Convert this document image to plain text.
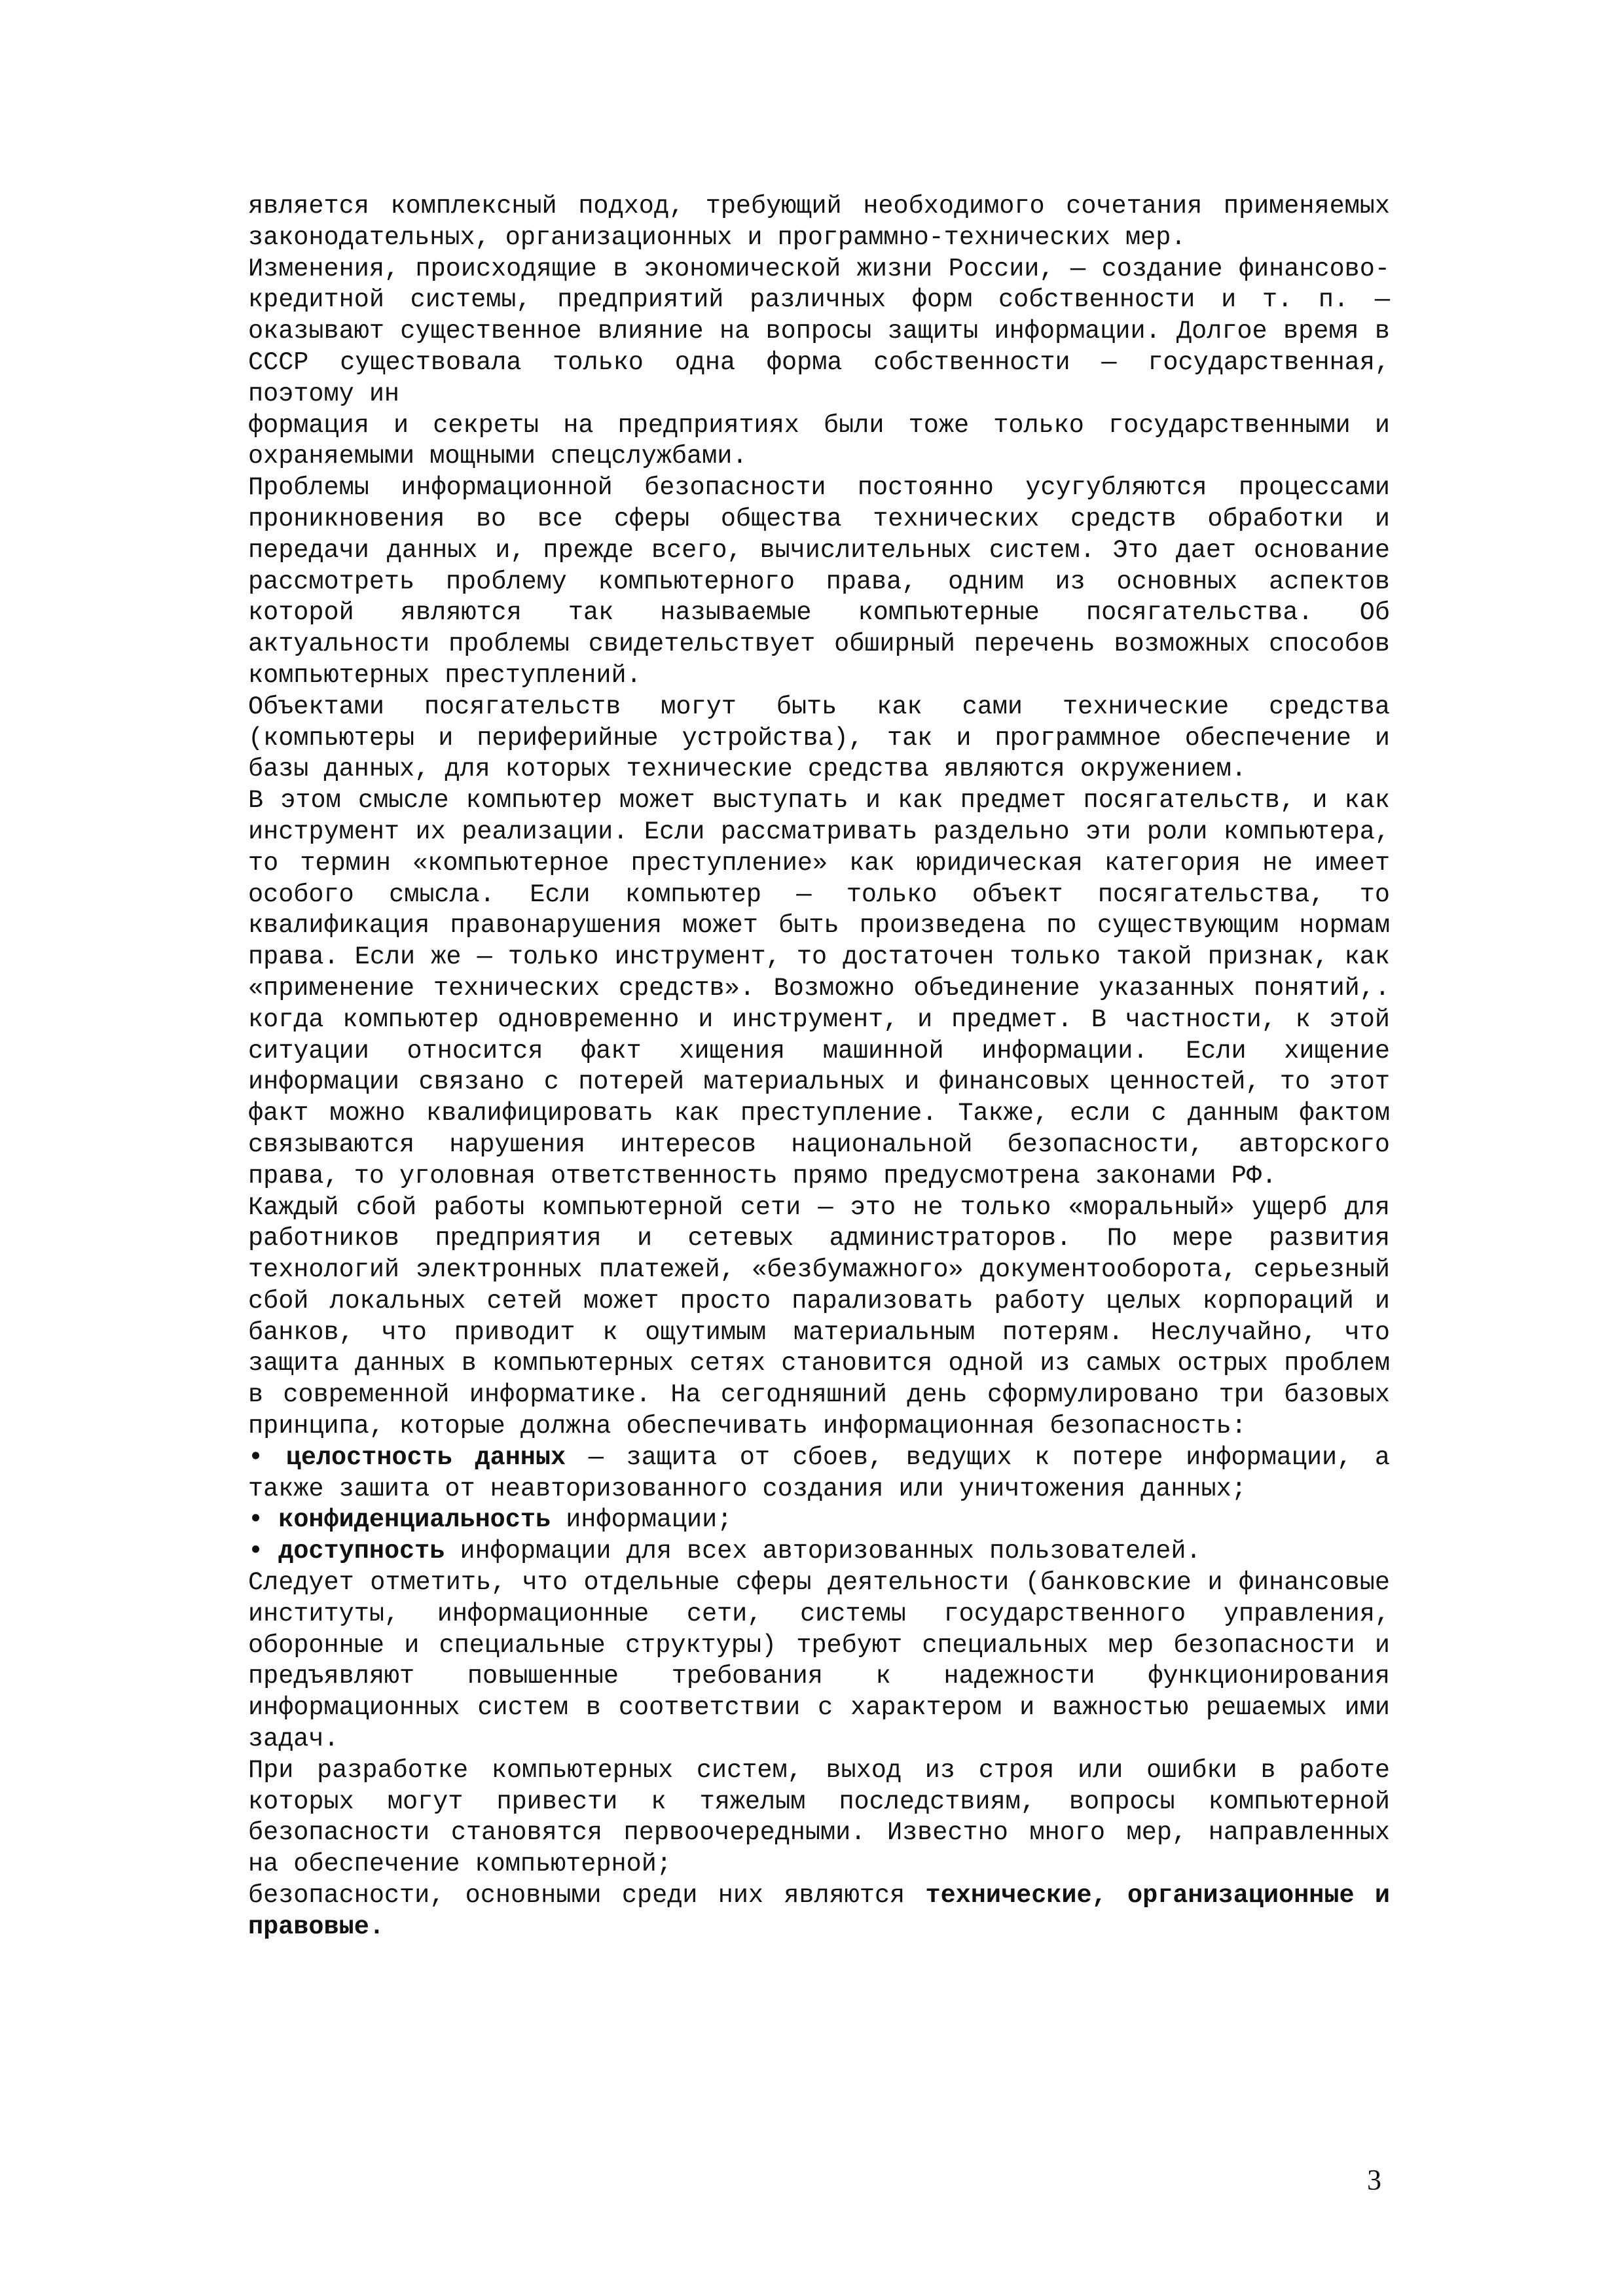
является комплексный подход, требующий необходимого сочетания применяемых законодательных, организационных и программно-технических мер.

Изменения, происходящие в экономической жизни России, — создание финансово-кредитной системы, предприятий различных форм собственности и т. п. — оказывают существенное влияние на вопросы защиты информации. Долгое время в СССР существовала только одна форма собственности — государственная, поэтому ин

формация и секреты на предприятиях были тоже только государственными и охраняемыми мощными спецслужбами.

Проблемы информационной безопасности постоянно усугубляются процессами проникновения во все сферы общества технических средств обработки и передачи данных и, прежде всего, вычислительных систем. Это дает основание рассмотреть проблему компьютерного права, одним из основных аспектов которой являются так называемые компьютерные посягательства. Об актуальности проблемы свидетельствует обширный перечень возможных способов компьютерных преступлений.

Объектами посягательств могут быть как сами технические средства (компьютеры и периферийные устройства), так и программное обеспечение и базы данных, для которых технические средства являются окружением.

В этом смысле компьютер может выступать и как предмет посягательств, и как инструмент их реализации. Если рассматривать раздельно эти роли компьютера, то термин «компьютерное преступление» как юридическая категория не имеет особого смысла. Если компьютер — только объект посягательства, то квалификация правонарушения может быть произведена по существующим нормам права. Если же — только инструмент, то достаточен только такой признак, как «применение технических средств». Возможно объединение указанных понятий,. когда компьютер одновременно и инструмент, и предмет. В частности, к этой ситуации относится факт хищения машинной информации. Если хищение информации связано с потерей материальных и финансовых ценностей, то этот факт можно квалифицировать как преступление. Также, если с данным фактом связываются нарушения интересов национальной безопасности, авторского права, то уголовная ответственность прямо предусмотрена законами РФ.

Каждый сбой работы компьютерной сети — это не только «моральный» ущерб для работников предприятия и сетевых администраторов. По мере развития технологий электронных платежей, «безбумажного» документооборота, серьезный сбой локальных сетей может просто парализовать работу целых корпораций и банков, что приводит к ощутимым материальным потерям. Неслучайно, что защита данных в компьютерных сетях становится одной из самых острых проблем в современной информатике. На сегодняшний день сформулировано три базовых принципа, которые должна обеспечивать информационная безопасность:

• целостность данных — защита от сбоев, ведущих к потере информации, а также зашита от неавторизованного создания или уничтожения данных;

• конфиденциальность информации;

• доступность информации для всех авторизованных пользователей.

Следует отметить, что отдельные сферы деятельности (банковские и финансовые институты, информационные сети, системы государственного управления, оборонные и специальные структуры) требуют специальных мер безопасности и предъявляют повышенные требования к надежности функционирования информационных систем в соответствии с характером и важностью решаемых ими задач.

При разработке компьютерных систем, выход из строя или ошибки в работе которых могут привести к тяжелым последствиям, вопросы компьютерной безопасности становятся первоочередными. Известно много мер, направленных на обеспечение компьютерной;

безопасности, основными среди них являются технические, организационные и правовые.

3
